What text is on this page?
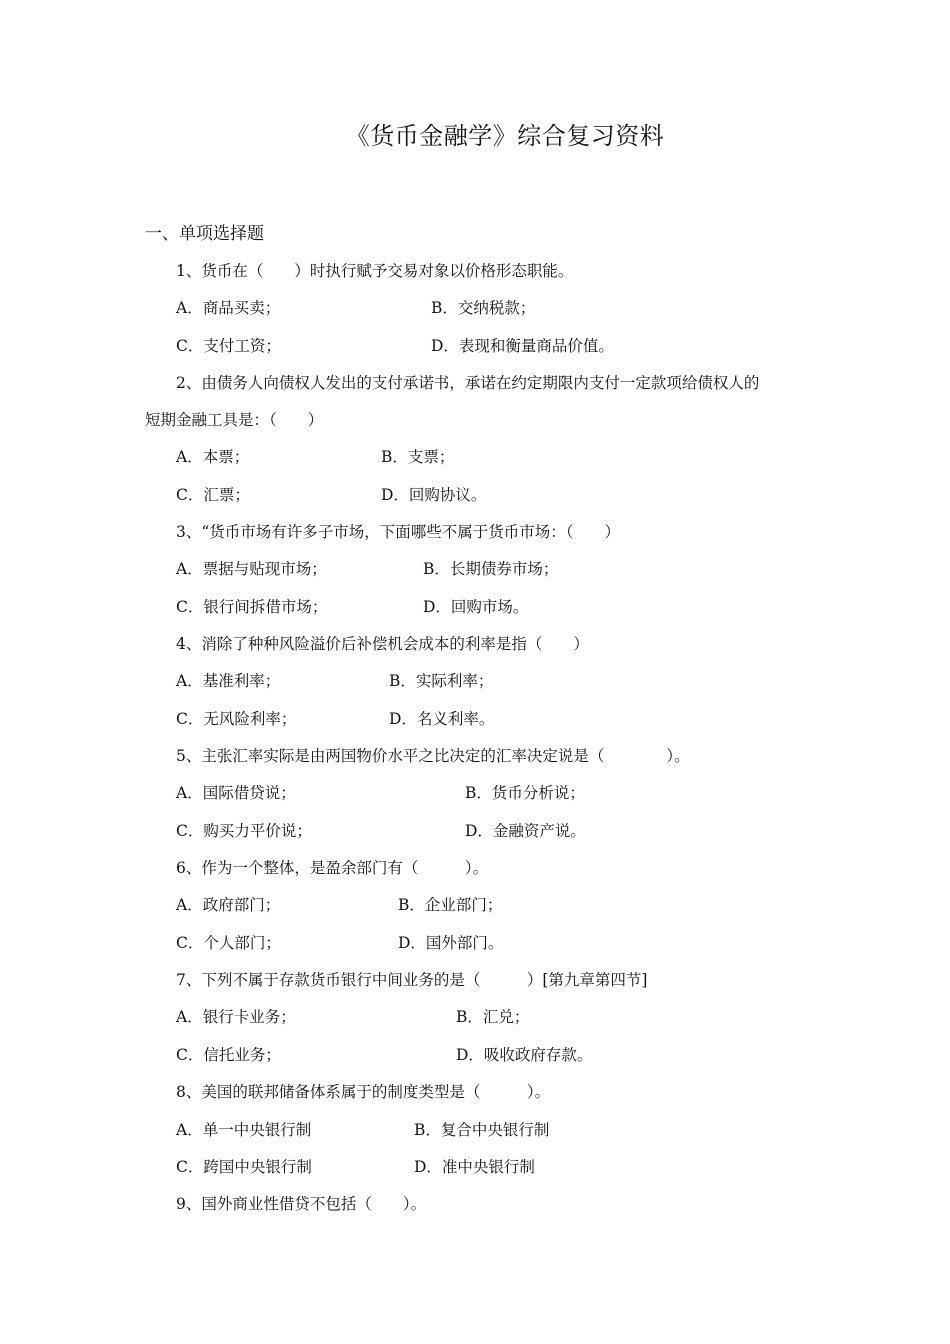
《货币金融学》综合复习资料
一、单项选择题
1、货币在（　　）时执行赋予交易对象以价格形态职能。
A．商品买卖；	B．交纳税款；
C．支付工资；	D．表现和衡量商品价值。
2、由债务人向债权人发出的支付承诺书，承诺在约定期限内支付一定款项给债权人的
短期金融工具是：（　　）
A．本票；	B．支票；
C．汇票；	D．回购协议。
3、“货币市场有许多子市场，下面哪些不属于货币市场：（　　）
A．票据与贴现市场；	B．长期债券市场；
C．银行间拆借市场；	D．回购市场。
4、消除了种种风险溢价后补偿机会成本的利率是指（　　）
A．基准利率；	B．实际利率；
C．无风险利率；	D．名义利率。
5、主张汇率实际是由两国物价水平之比决定的汇率决定说是（　　　　）。
A．国际借贷说；	B．货币分析说；
C．购买力平价说；	D．金融资产说。
6、作为一个整体，是盈余部门有（　　　）。
A．政府部门；	B．企业部门；
C．个人部门；	D．国外部门。
7、下列不属于存款货币银行中间业务的是（　　　）[第九章第四节]
A．银行卡业务；	B．汇兑；
C．信托业务；	D．吸收政府存款。
8、美国的联邦储备体系属于的制度类型是（　　　）。
A．单一中央银行制	B．复合中央银行制
C．跨国中央银行制	D．准中央银行制
9、国外商业性借贷不包括（　　）。
